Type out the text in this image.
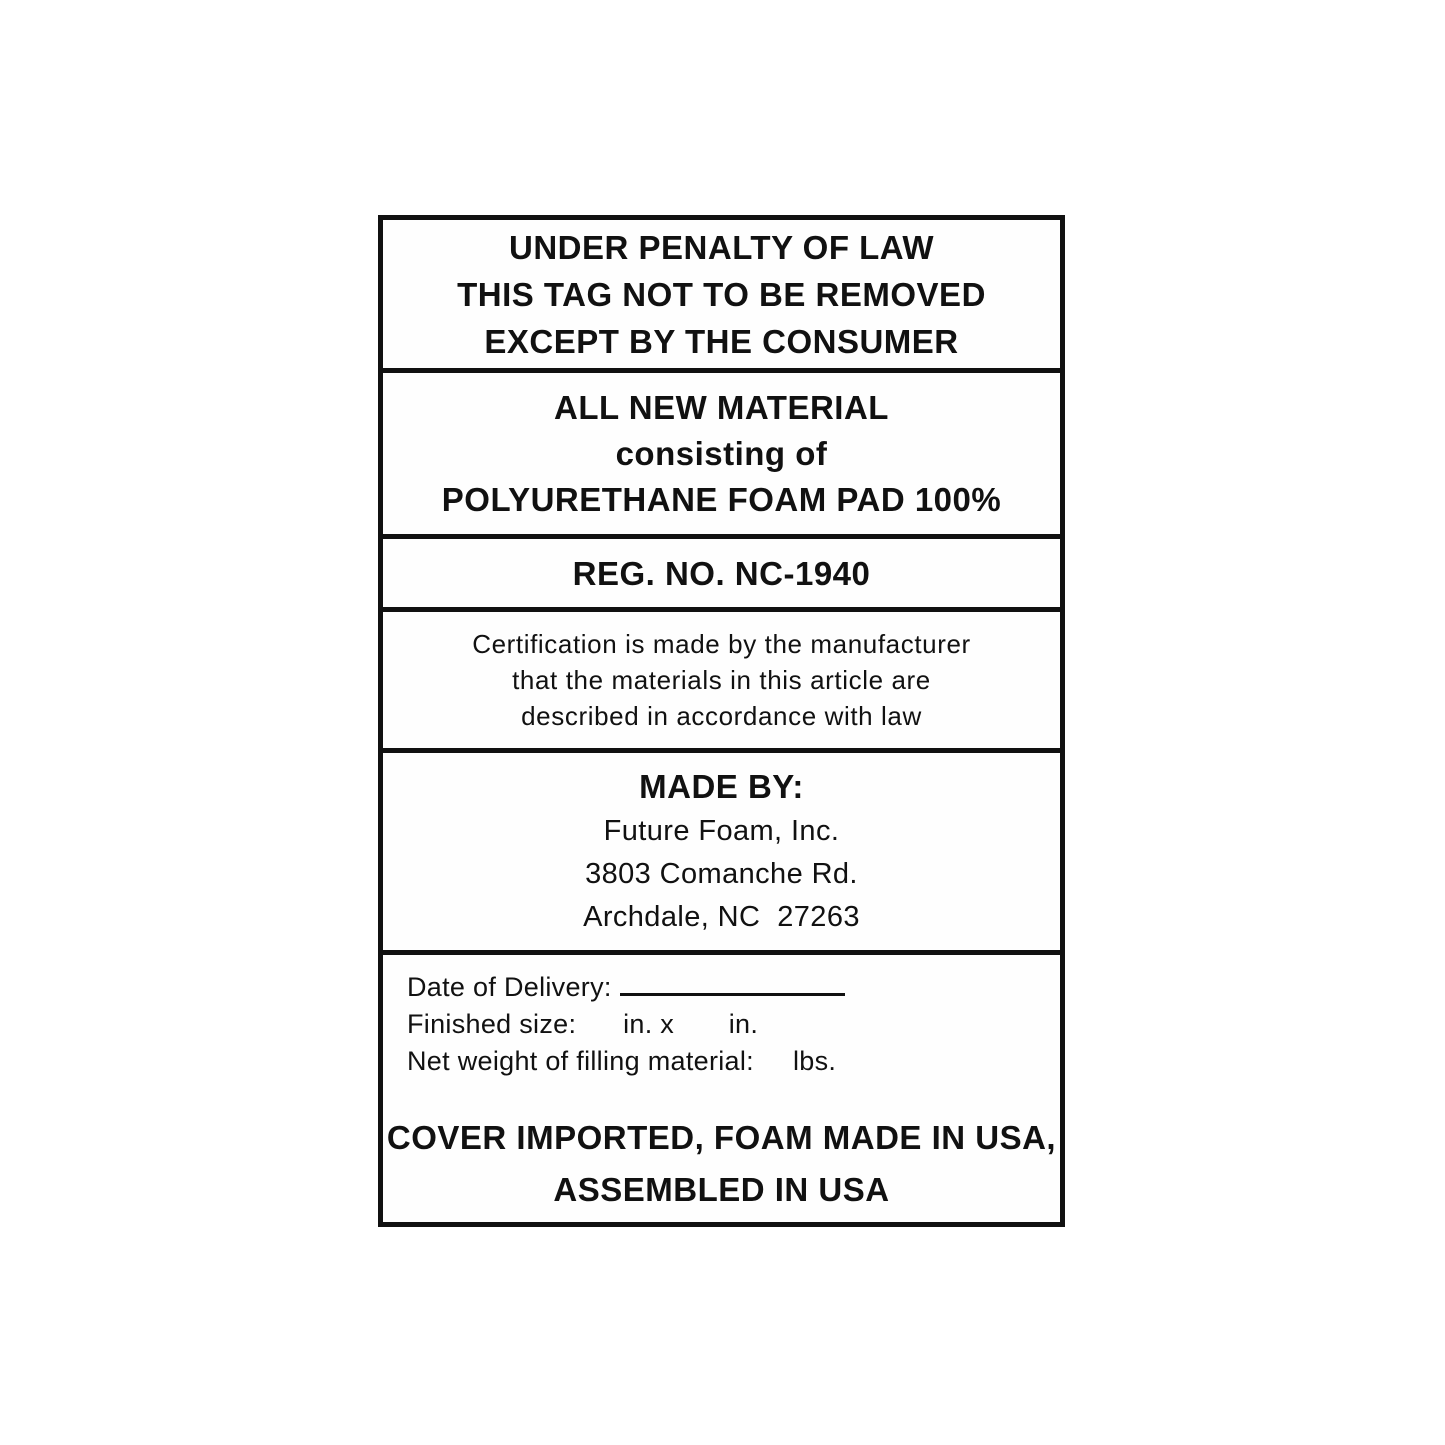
UNDER PENALTY OF LAW
THIS TAG NOT TO BE REMOVED
EXCEPT BY THE CONSUMER
ALL NEW MATERIAL
consisting of
POLYURETHANE FOAM PAD 100%
REG. NO. NC-1940
Certification is made by the manufacturer
that the materials in this article are
described in accordance with law
MADE BY:
Future Foam, Inc.
3803 Comanche Rd.
Archdale, NC  27263
Date of Delivery:
Finished size:      in. x       in.
Net weight of filling material:     lbs.
COVER IMPORTED, FOAM MADE IN USA,
ASSEMBLED IN USA
